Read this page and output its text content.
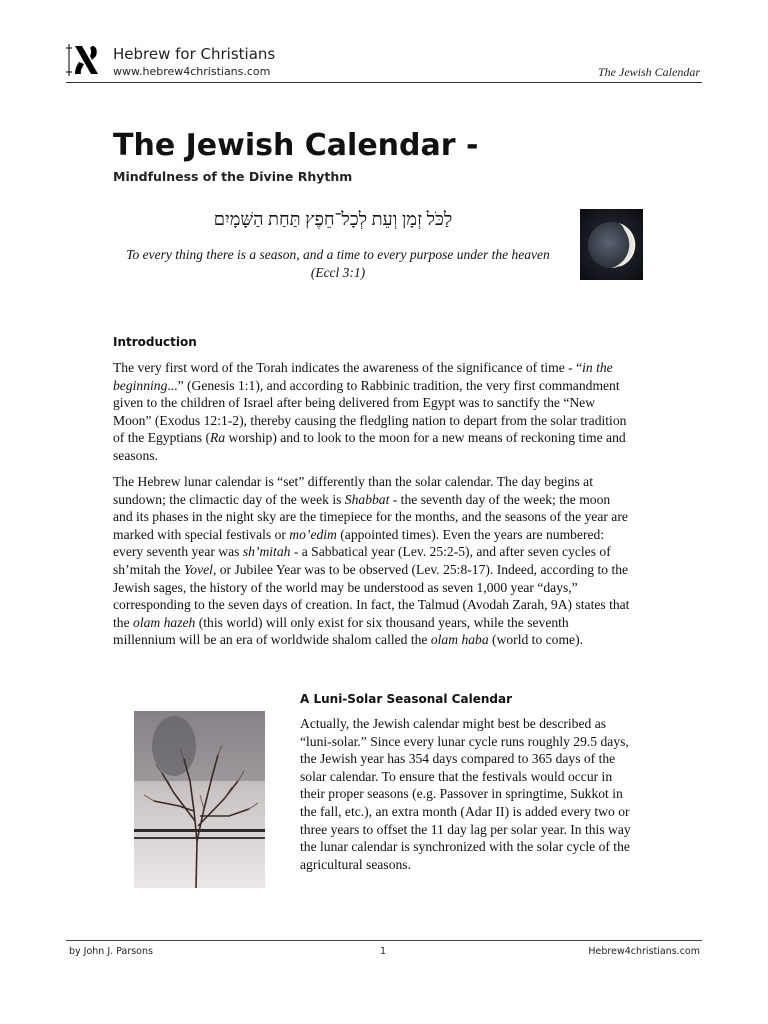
Hebrew for Christians
www.hebrew4christians.com	The Jewish Calendar
The Jewish Calendar -
Mindfulness of the Divine Rhythm
לַכֹּל זְמָן וְעֵת לְכָל־חֵפֶץ תַּחַת הַשָּׁמָיִם
To every thing there is a season, and a time to every purpose under the heaven (Eccl 3:1)
Introduction

The very first word of the Torah indicates the awareness of the significance of time - “in the beginning...” (Genesis 1:1), and according to Rabbinic tradition, the very first commandment given to the children of Israel after being delivered from Egypt was to sanctify the “New Moon” (Exodus 12:1-2), thereby causing the fledgling nation to depart from the solar tradition of the Egyptians (Ra worship) and to look to the moon for a new means of reckoning time and seasons.

The Hebrew lunar calendar is “set” differently than the solar calendar. The day begins at sundown; the climactic day of the week is Shabbat - the seventh day of the week; the moon and its phases in the night sky are the timepiece for the months, and the seasons of the year are marked with special festivals or mo’edim (appointed times). Even the years are numbered: every seventh year was sh’mitah - a Sabbatical year (Lev. 25:2-5), and after seven cycles of sh’mitah the Yovel, or Jubilee Year was to be observed (Lev. 25:8-17). Indeed, according to the Jewish sages, the history of the world may be understood as seven 1,000 year “days,” corresponding to the seven days of creation. In fact, the Talmud (Avodah Zarah, 9A) states that the olam hazeh (this world) will only exist for six thousand years, while the seventh millennium will be an era of worldwide shalom called the olam haba (world to come).

A Luni-Solar Seasonal Calendar

Actually, the Jewish calendar might best be described as “luni-solar.” Since every lunar cycle runs roughly 29.5 days, the Jewish year has 354 days compared to 365 days of the solar calendar. To ensure that the festivals would occur in their proper seasons (e.g. Passover in springtime, Sukkot in the fall, etc.), an extra month (Adar II) is added every two or three years to offset the 11 day lag per solar year. In this way the lunar calendar is synchronized with the solar cycle of the agricultural seasons.

by John J. Parsons	1	Hebrew4christians.com
